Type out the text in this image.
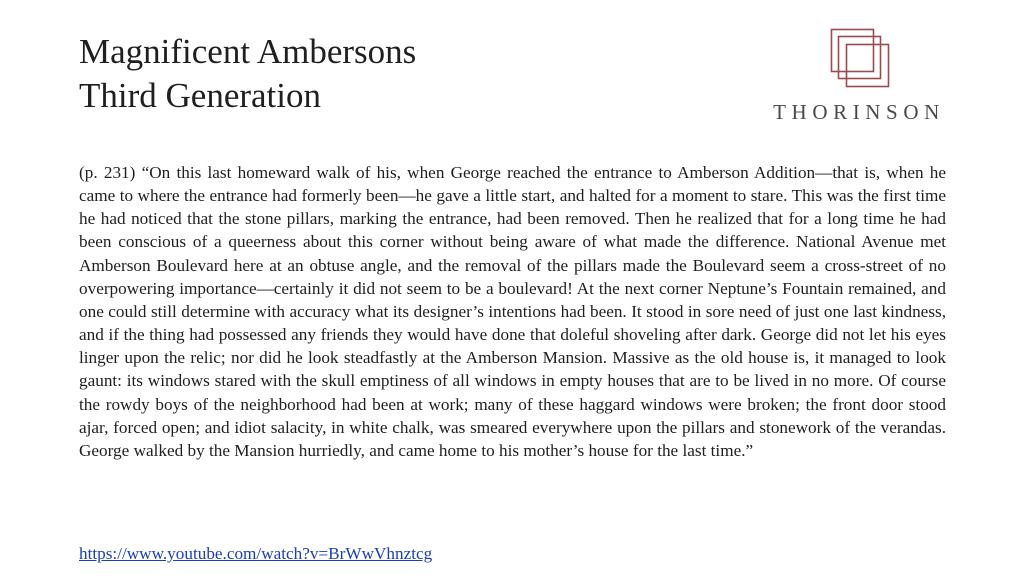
Magnificent Ambersons
Third Generation	THORINSON

(p. 231) “On this last homeward walk of his, when George reached the entrance to Amberson Addition—that is, when he came to where the entrance had formerly been—he gave a little start, and halted for a moment to stare. This was the first time he had noticed that the stone pillars, marking the entrance, had been removed. Then he realized that for a long time he had been conscious of a queerness about this corner without being aware of what made the difference. National Avenue met Amberson Boulevard here at an obtuse angle, and the removal of the pillars made the Boulevard seem a cross-street of no overpowering importance—certainly it did not seem to be a boulevard! At the next corner Neptune’s Fountain remained, and one could still determine with accuracy what its designer’s intentions had been. It stood in sore need of just one last kindness, and if the thing had possessed any friends they would have done that doleful shoveling after dark. George did not let his eyes linger upon the relic; nor did he look steadfastly at the Amberson Mansion. Massive as the old house is, it managed to look gaunt: its windows stared with the skull emptiness of all windows in empty houses that are to be lived in no more. Of course the rowdy boys of the neighborhood had been at work; many of these haggard windows were broken; the front door stood ajar, forced open; and idiot salacity, in white chalk, was smeared everywhere upon the pillars and stonework of the verandas. George walked by the Mansion hurriedly, and came home to his mother’s house for the last time.”

https://www.youtube.com/watch?v=BrWwVhnztcg
